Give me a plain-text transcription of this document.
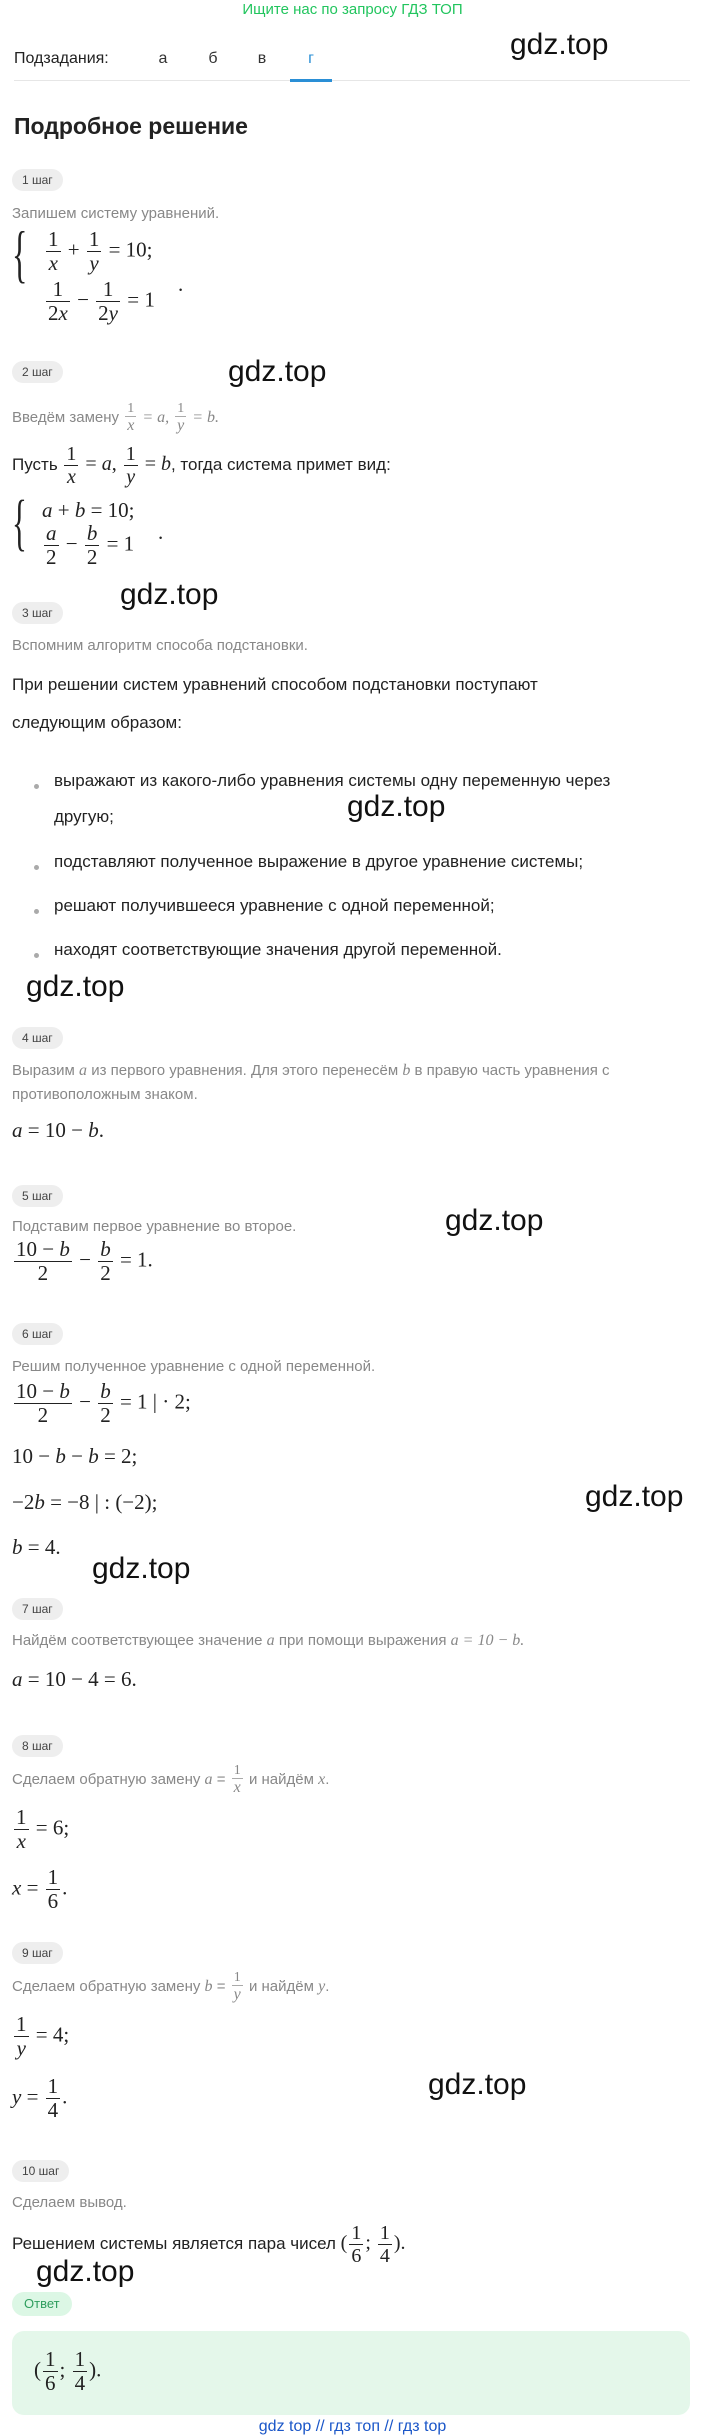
Ищите нас по запросу ГДЗ ТОП
Подзадания:	а	б	в	г	gdz.top
gdz.top
gdz.top
gdz.top
gdz.top
gdz.top
gdz.top
gdz.top
gdz.top
gdz.top
Подробное решение
1 шаг
Запишем систему уравнений.
{ $\frac{1}{x} + \frac{1}{y} = 10$;
$\frac{1}{2x} - \frac{1}{2y} = 1$
.
2 шаг
Введём замену $\frac{1}{x} = a$, $\frac{1}{y} = b$.
Пусть $\frac{1}{x} = a$, $\frac{1}{y} = b$, тогда система примет вид:
{ a + b = 10;
$\frac{a}{2} - \frac{b}{2} = 1$ .
3 шаг
Вспомним алгоритм способа подстановки.
При решении систем уравнений способом подстановки поступают
следующим образом:
выражают из какого-либо уравнения системы одну переменную через
другую;
подставляют полученное выражение в другое уравнение системы;
решают получившееся уравнение с одной переменной;
находят соответствующие значения другой переменной.
4 шаг
Выразим a из первого уравнения. Для этого перенесём b в правую часть уравнения с
противоположным знаком.
a = 10 − b.
5 шаг
Подставим первое уравнение во второе.
$\frac{10 - b}{2} - \frac{b}{2} = 1$.
6 шаг
Решим полученное уравнение с одной переменной.
$\frac{10 - b}{2} - \frac{b}{2} = 1$ | · 2;
10 − b − b = 2;
−2b = −8 | : (−2);
b = 4.
7 шаг
Найдём соответствующее значение a при помощи выражения a = 10 − b.
a = 10 − 4 = 6.
8 шаг
Сделаем обратную замену $a = \frac{1}{x}$ и найдём x.
$\frac{1}{x} = 6$;
$x = \frac{1}{6}$ .
9 шаг
Сделаем обратную замену $b = \frac{1}{y}$ и найдём y.
$\frac{1}{y} = 4$;
$y = \frac{1}{4}$ .
10 шаг
Сделаем вывод.
Решением системы является пара чисел ( $\frac{1}{6}$ ; $\frac{1}{4}$ ).
Ответ
( $\frac{1}{6}$ ; $\frac{1}{4}$ ).
gdz top // гдз топ // гдз top
